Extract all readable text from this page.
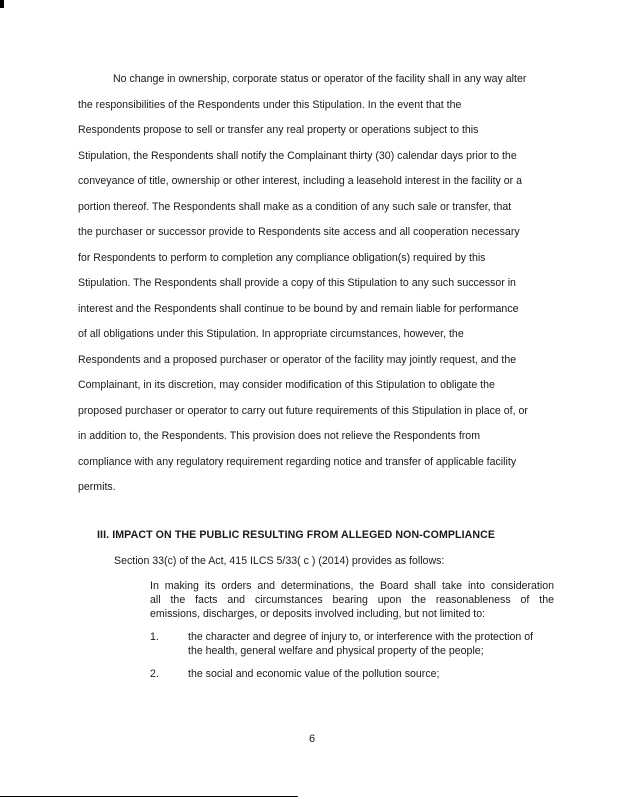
No change in ownership, corporate status or operator of the facility shall in any way alter
the responsibilities of the Respondents under this Stipulation. In the event that the
Respondents propose to sell or transfer any real property or operations subject to this
Stipulation, the Respondents shall notify the Complainant thirty (30) calendar days prior to the
conveyance of title, ownership or other interest, including a leasehold interest in the facility or a
portion thereof. The Respondents shall make as a condition of any such sale or transfer, that
the purchaser or successor provide to Respondents site access and all cooperation necessary
for Respondents to perform to completion any compliance obligation(s) required by this
Stipulation. The Respondents shall provide a copy of this Stipulation to any such successor in
interest and the Respondents shall continue to be bound by and remain liable for performance
of all obligations under this Stipulation. In appropriate circumstances, however, the
Respondents and a proposed purchaser or operator of the facility may jointly request, and the
Complainant, in its discretion, may consider modification of this Stipulation to obligate the
proposed purchaser or operator to carry out future requirements of this Stipulation in place of, or
in addition to, the Respondents. This provision does not relieve the Respondents from
compliance with any regulatory requirement regarding notice and transfer of applicable facility
permits.
III. IMPACT ON THE PUBLIC RESULTING FROM ALLEGED NON-COMPLIANCE
Section 33(c) of the Act, 415 ILCS 5/33( c ) (2014) provides as follows:
In making its orders and determinations, the Board shall take into consideration
all the facts and circumstances bearing upon the reasonableness of the
emissions, discharges, or deposits involved including, but not limited to:
1.	the character and degree of injury to, or interference with the protection of
the health, general welfare and physical property of the people;
2.	the social and economic value of the pollution source;
6
